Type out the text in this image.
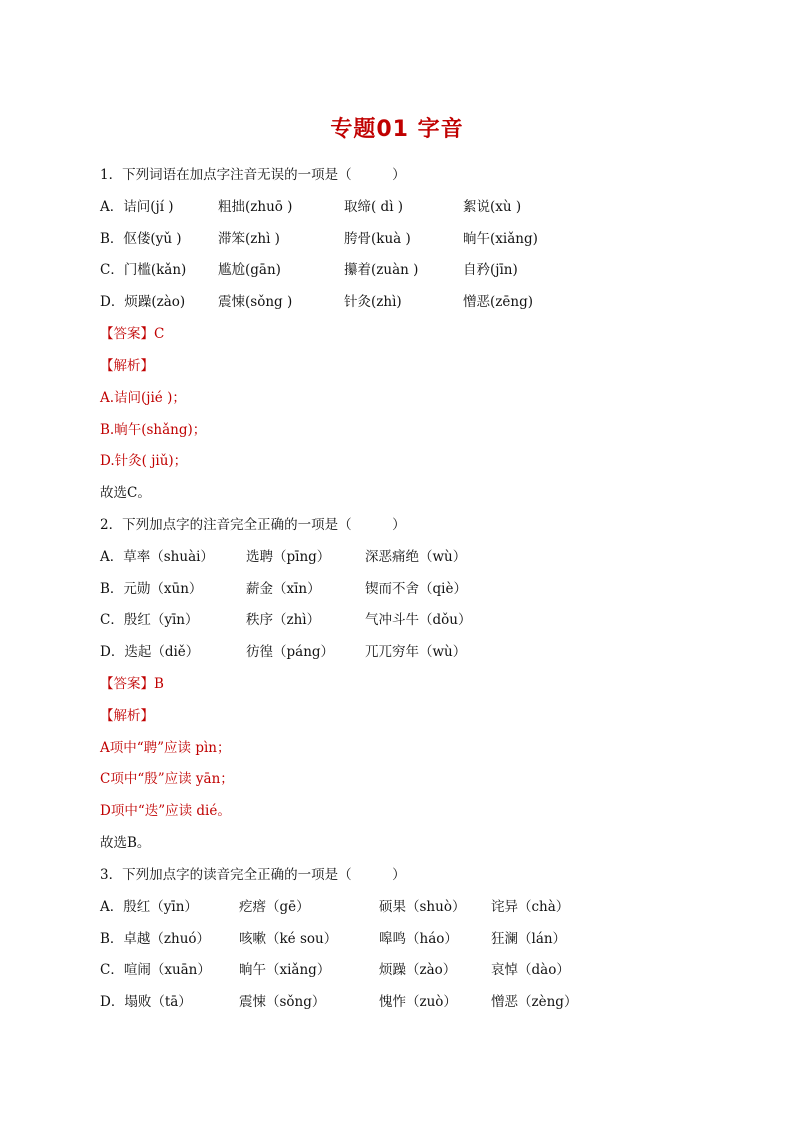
专题01 字音
1．下列词语在加点字注音无误的一项是（　　　）
A．诘问(jí )	粗拙(zhuō )	取缔( dì )	絮说(xù )
B．伛偻(yǔ )	滞笨(zhì )	胯骨(kuà )	晌午(xiǎng)
C．门槛(kǎn) 尴尬(gān)	攥着(zuàn )	自矜(jīn)
D．烦躁(zào) 震悚(sǒng )	针灸(zhì)	憎恶(zēng)
【答案】C
【解析】
A.诘问(jié )；
B.晌午(shǎng)；
D.针灸( jiǔ)；
故选C。
2．下列加点字的注音完全正确的一项是（　　　）
A．草率（shuài） 选聘（pīng）	深恶痛绝（wù）
B．元勋（xūn）	薪金（xīn）	锲而不舍（qiè）
C．殷红（yīn）	秩序（zhì）	气冲斗牛（dǒu）
D．迭起（diě）	彷徨（páng） 兀兀穷年（wù）
【答案】B
【解析】
A项中“聘”应读 pìn；
C项中“殷”应读 yān；
D项中“迭”应读 dié。
故选B。
3．下列加点字的读音完全正确的一项是（　　　）
A．殷红（yīn）	疙瘩（gē）	硕果（shuò） 诧异（chà）
B．卓越（zhuó） 咳嗽（ké sou）	嗥鸣（háo） 狂澜（lán）
C．喧闹（xuān） 晌午（xiǎng）	烦躁（zào）	哀悼（dào）
D．塌败（tā）	震悚（sǒng）	愧怍（zuò）	憎恶（zèng）
